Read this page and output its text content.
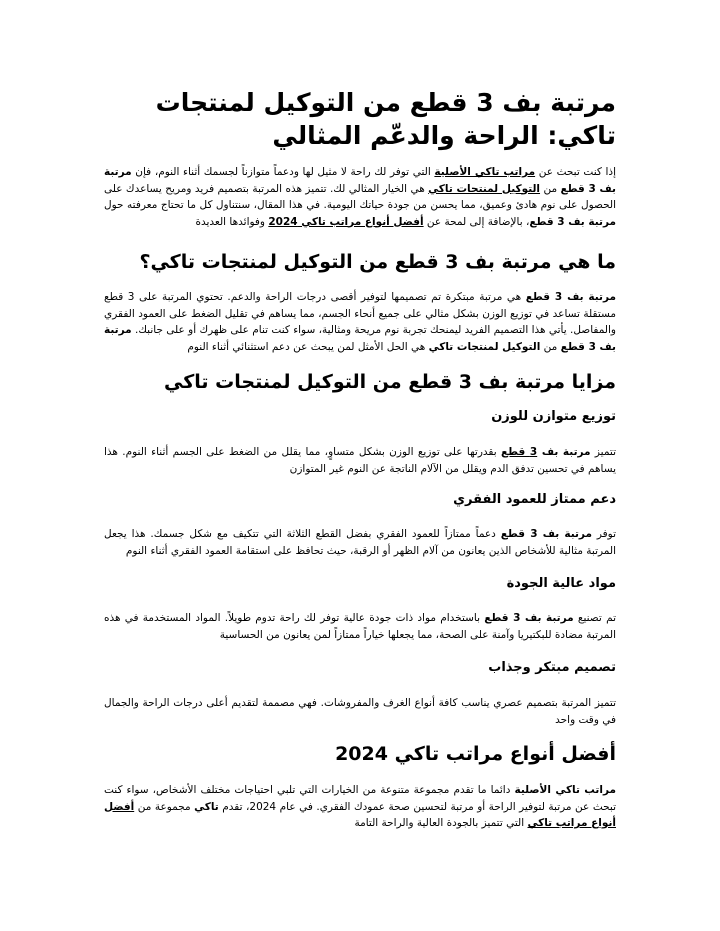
مرتبة بف 3 قطع من التوكيل لمنتجات تاكي: الراحة والدعّم المثالي

إذا كنت تبحث عن مراتب تاكي الأصلية التي توفر لك راحة لا مثيل لها ودعماً متوازناً لجسمك أثناء النوم، فإن مرتبة بف 3 قطع من التوكيل لمنتجات تاكي هي الخيار المثالي لك. تتميز هذه المرتبة بتصميم فريد ومريح يساعدك على الحصول على نوم هادئ وعميق، مما يحسن من جودة حياتك اليومية. في هذا المقال، سنتناول كل ما تحتاج معرفته حول مرتبة بف 3 قطع، بالإضافة إلى لمحة عن أفضل أنواع مراتب تاكي 2024 وفوائدها العديدة

ما هي مرتبة بف 3 قطع من التوكيل لمنتجات تاكي؟

مرتبة بف 3 قطع هي مرتبة مبتكرة تم تصميمها لتوفير أقصى درجات الراحة والدعم. تحتوي المرتبة على 3 قطع مستقلة تساعد في توزيع الوزن بشكل مثالي على جميع أنحاء الجسم، مما يساهم في تقليل الضغط على العمود الفقري والمفاصل. يأتي هذا التصميم الفريد ليمنحك تجربة نوم مريحة ومثالية، سواء كنت تنام على ظهرك أو على جانبك. مرتبة بف 3 قطع من التوكيل لمنتجات تاكي هي الحل الأمثل لمن يبحث عن دعم استثنائي أثناء النوم

مزايا مرتبة بف 3 قطع من التوكيل لمنتجات تاكي
توزيع متوازن للوزن

تتميز مرتبة بف 3 قطع بقدرتها على توزيع الوزن بشكل متساوٍ، مما يقلل من الضغط على الجسم أثناء النوم. هذا يساهم في تحسين تدفق الدم ويقلل من الآلام الناتجة عن النوم غير المتوازن

دعم ممتاز للعمود الفقري

توفر مرتبة بف 3 قطع دعماً ممتازاً للعمود الفقري بفضل القطع الثلاثة التي تتكيف مع شكل جسمك. هذا يجعل المرتبة مثالية للأشخاص الذين يعانون من آلام الظهر أو الرقبة، حيث تحافظ على استقامة العمود الفقري أثناء النوم

مواد عالية الجودة

تم تصنيع مرتبة بف 3 قطع باستخدام مواد ذات جودة عالية توفر لك راحة تدوم طويلاً. المواد المستخدمة في هذه المرتبة مضادة للبكتيريا وآمنة على الصحة، مما يجعلها خياراً ممتازاً لمن يعانون من الحساسية

تصميم مبتكر وجذاب

تتميز المرتبة بتصميم عصري يناسب كافة أنواع الغرف والمفروشات. فهي مصممة لتقديم أعلى درجات الراحة والجمال في وقت واحد

أفضل أنواع مراتب تاكي 2024

مراتب تاكي الأصلية دائما ما تقدم مجموعة متنوعة من الخيارات التي تلبي احتياجات مختلف الأشخاص، سواء كنت تبحث عن مرتبة لتوفير الراحة أو مرتبة لتحسين صحة عمودك الفقري. في عام 2024، تقدم تاكي مجموعة من أفضل أنواع مراتب تاكي التي تتميز بالجودة العالية والراحة التامة
